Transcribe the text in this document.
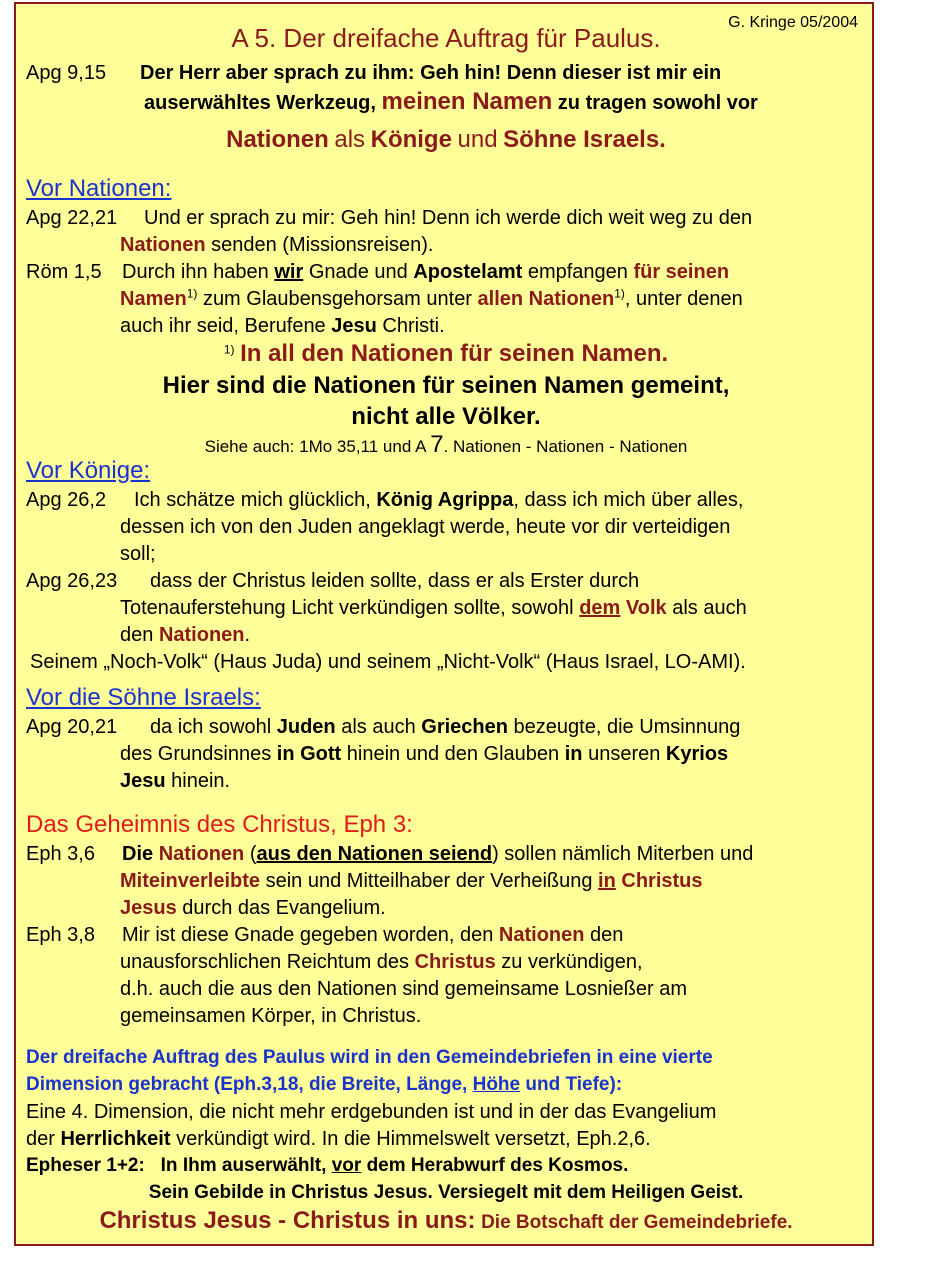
G. Kringe 05/2004
A 5. Der dreifache Auftrag für Paulus.
Apg 9,15 Der Herr aber sprach zu ihm: Geh hin! Denn dieser ist mir ein
auserwähltes Werkzeug, meinen Namen zu tragen sowohl vor
Nationen als Könige und Söhne Israels.
Vor Nationen:
Apg 22,21 Und er sprach zu mir: Geh hin! Denn ich werde dich weit weg zu den
Nationen senden (Missionsreisen).
Röm 1,5 Durch ihn haben wir Gnade und Apostelamt empfangen für seinen
Namen$^{1)}$ zum Glaubensgehorsam unter allen Nationen$^{1)}$, unter denen
auch ihr seid, Berufene Jesu Christi.
$^{1)}$ In all den Nationen für seinen Namen.
Hier sind die Nationen für seinen Namen gemeint,
nicht alle Völker.
Siehe auch: 1Mo 35,11 und A 7. Nationen - Nationen - Nationen
Vor Könige:
Apg 26,2 Ich schätze mich glücklich, König Agrippa, dass ich mich über alles,
dessen ich von den Juden angeklagt werde, heute vor dir verteidigen
soll;
Apg 26,23 dass der Christus leiden sollte, dass er als Erster durch
Totenauferstehung Licht verkündigen sollte, sowohl dem Volk als auch
den Nationen.
Seinem „Noch-Volk“ (Haus Juda) und seinem „Nicht-Volk“ (Haus Israel, LO-AMI).
Vor die Söhne Israels:
Apg 20,21 da ich sowohl Juden als auch Griechen bezeugte, die Umsinnung
des Grundsinnes in Gott hinein und den Glauben in unseren Kyrios
Jesu hinein.
Das Geheimnis des Christus, Eph 3:
Eph 3,6 Die Nationen (aus den Nationen seiend) sollen nämlich Miterben und
Miteinverleibte sein und Mitteilhaber der Verheißung in Christus
Jesus durch das Evangelium.
Eph 3,8 Mir ist diese Gnade gegeben worden, den Nationen den
unausforschlichen Reichtum des Christus zu verkündigen,
d.h. auch die aus den Nationen sind gemeinsame Losnießer am
gemeinsamen Körper, in Christus.
Der dreifache Auftrag des Paulus wird in den Gemeindebriefen in eine vierte
Dimension gebracht (Eph.3,18, die Breite, Länge, Höhe und Tiefe):
Eine 4. Dimension, die nicht mehr erdgebunden ist und in der das Evangelium
der Herrlichkeit verkündigt wird. In die Himmelswelt versetzt, Eph.2,6.
Epheser 1+2:   In Ihm auserwählt, vor dem Herabwurf des Kosmos.
Sein Gebilde in Christus Jesus. Versiegelt mit dem Heiligen Geist.
Christus Jesus - Christus in uns: Die Botschaft der Gemeindebriefe.
